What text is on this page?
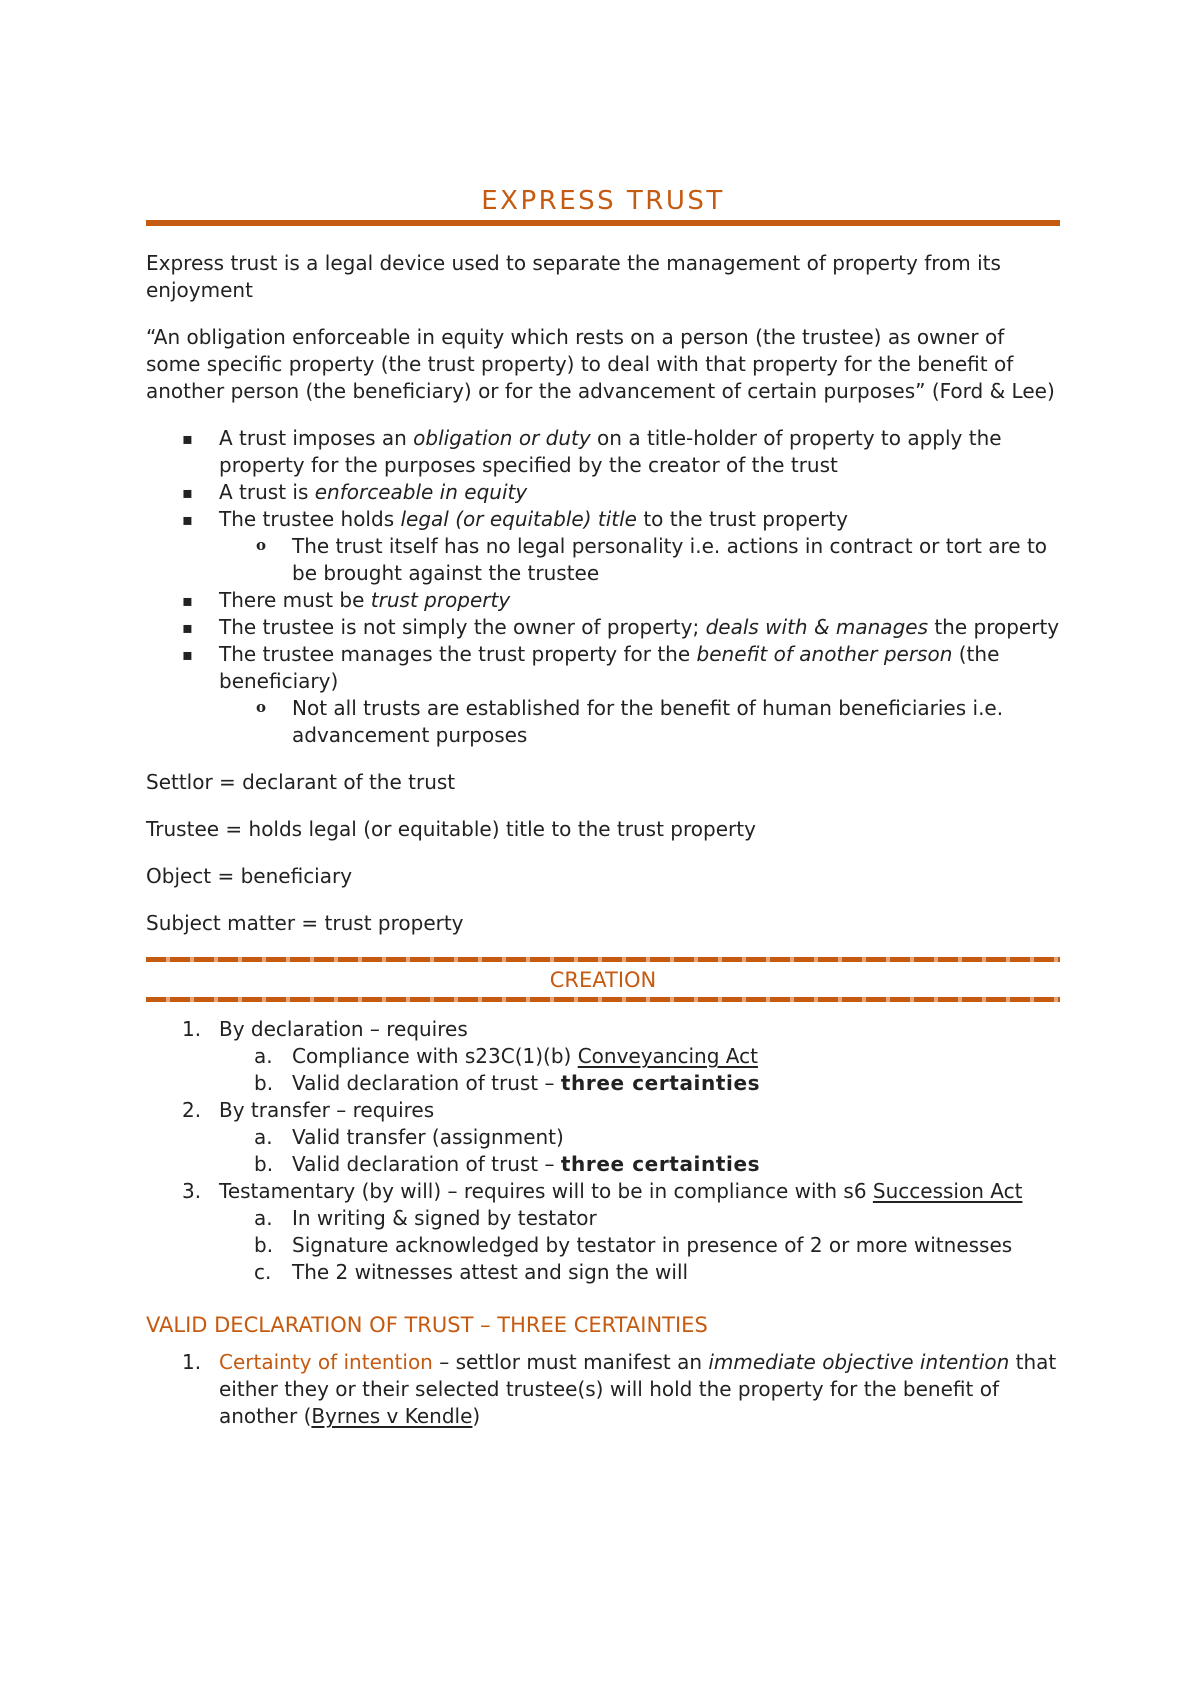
EXPRESS TRUST

Express trust is a legal device used to separate the management of property from its enjoyment

“An obligation enforceable in equity which rests on a person (the trustee) as owner of some specific property (the trust property) to deal with that property for the benefit of another person (the beneficiary) or for the advancement of certain purposes” (Ford & Lee)

▪ A trust imposes an obligation or duty on a title-holder of property to apply the property for the purposes specified by the creator of the trust
▪ A trust is enforceable in equity
▪ The trustee holds legal (or equitable) title to the trust property
o The trust itself has no legal personality i.e. actions in contract or tort are to be brought against the trustee
▪ There must be trust property
▪ The trustee is not simply the owner of property; deals with & manages the property
▪ The trustee manages the trust property for the benefit of another person (the beneficiary)
o Not all trusts are established for the benefit of human beneficiaries i.e. advancement purposes

Settlor = declarant of the trust

Trustee = holds legal (or equitable) title to the trust property

Object = beneficiary

Subject matter = trust property

CREATION
1. By declaration – requires
a. Compliance with s23C(1)(b) Conveyancing Act
b. Valid declaration of trust – three certainties
2. By transfer – requires
a. Valid transfer (assignment)
b. Valid declaration of trust – three certainties
3. Testamentary (by will) – requires will to be in compliance with s6 Succession Act
a. In writing & signed by testator
b. Signature acknowledged by testator in presence of 2 or more witnesses
c. The 2 witnesses attest and sign the will
VALID DECLARATION OF TRUST – THREE CERTAINTIES
1. Certainty of intention – settlor must manifest an immediate objective intention that either they or their selected trustee(s) will hold the property for the benefit of another (Byrnes v Kendle)
